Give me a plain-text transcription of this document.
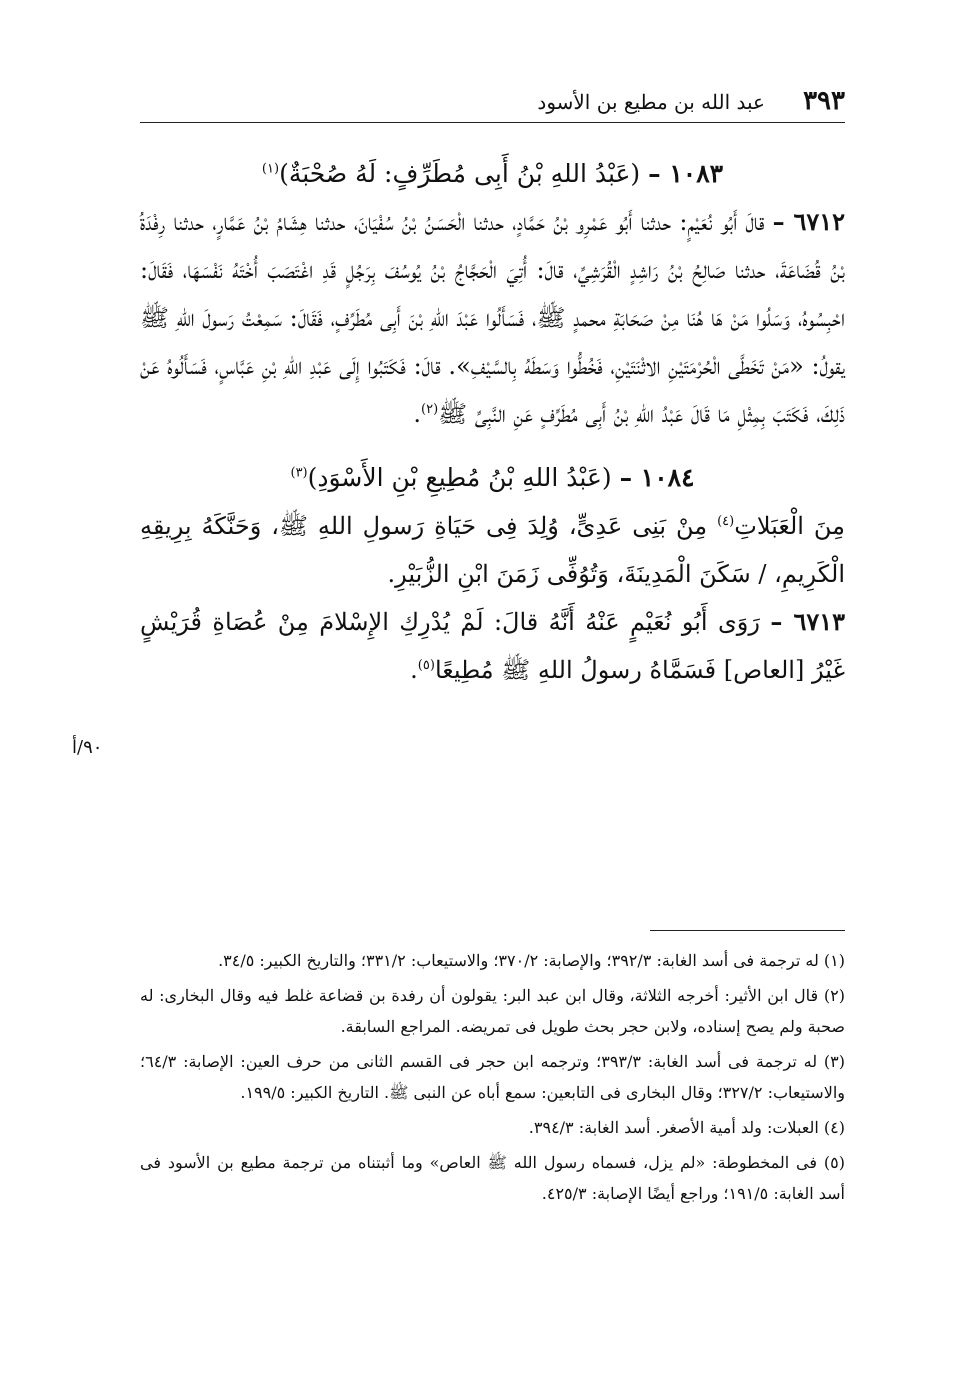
٣٩٣
عبد الله بن مطيع بن الأسود

١٠٨٣ – (عَبْدُ اللهِ بْنُ أَبِى مُطَرِّفٍ: لَهُ صُحْبَةٌ)$^{(١)}$

٦٧١٢ – قالَ أَبُو نُعَيْمٍ: حدثنا أَبُو عَمْرِو بْنُ حَمَّادٍ، حدثنا الْحَسَنُ بْنُ سُفْيَانَ، حدثنا هِشَامُ بْنُ عَمَّارٍ، حدثنا رِفْدَةُ بْنُ قُضَاعَةَ، حدثنا صَالِحُ بْنُ رَاشِدٍ الْقُرَشِيِّ، قالَ: أُتِيَ الْحَجَّاجُ بْنُ يُوسُفَ بِرَجُلٍ قَدِ اغْتَصَبَ أُخْتَهُ نَفْسَهَا، فَقَالَ: احْبِسُوهُ، وَسَلُوا مَنْ هَا هُنَا مِنْ صَحَابَةِ محمدٍ ﷺ، فَسَأَلُوا عَبْدَ اللهِ بْنَ أَبِى مُطَرِّفٍ، فَقَالَ: سَمِعْتُ رَسولَ اللهِ ﷺ يقولُ: «مَنْ تَخَطَّى الْحُرْمَتَيْنِ الاثْنَتَيْنِ، فَخُطُّوا وَسَطَهُ بِالسَّيْفِ». قالَ: فَكَتَبُوا إِلَى عَبْدِ اللهِ بْنِ عَبَّاسٍ، فَسَأَلُوهُ عَنْ ذَلِكَ، فَكَتَبَ بِمِثْلِ مَا قَالَ عَبْدُ اللهِ بْنُ أَبِى مُطَرِّفٍ عَنِ النَّبِىِّ ﷺ$^{(٢)}$.

١٠٨٤ – (عَبْدُ اللهِ بْنُ مُطِيعِ بْنِ الأَسْوَدِ)$^{(٣)}$

مِنَ الْعَبَلاتِ$^{(٤)}$ مِنْ بَنِى عَدِىٍّ، وُلِدَ فِى حَيَاةِ رَسولِ اللهِ ﷺ، وَحَنَّكَهُ بِرِيقِهِ الْكَرِيمِ، / سَكَنَ الْمَدِينَةَ، وَتُوُفِّى زَمَنَ ابْنِ الزُّبَيْرِ.

٦٧١٣ – رَوَى أَبُو نُعَيْمٍ عَنْهُ أَنَّهُ قالَ: لَمْ يُدْرِكِ الإِسْلامَ مِنْ عُصَاةِ قُرَيْشٍ غَيْرُ [العاص] فَسَمَّاهُ رسولُ اللهِ ﷺ مُطِيعًا$^{(٥)}$.

٩٠/أ

(١) له ترجمة فى أسد الغابة: ٣٩٢/٣؛ والإصابة: ٣٧٠/٢؛ والاستيعاب: ٣٣١/٢؛ والتاريخ الكبير: ٣٤/٥.

(٢) قال ابن الأثير: أخرجه الثلاثة، وقال ابن عبد البر: يقولون أن رفدة بن قضاعة غلط فيه وقال البخارى: له صحبة ولم يصح إسناده، ولابن حجر بحث طويل فى تمريضه. المراجع السابقة.

(٣) له ترجمة فى أسد الغابة: ٣٩٣/٣؛ وترجمه ابن حجر فى القسم الثانى من حرف العين: الإصابة: ٦٤/٣؛ والاستيعاب: ٣٢٧/٢؛ وقال البخارى فى التابعين: سمع أباه عن النبى ﷺ. التاريخ الكبير: ١٩٩/٥.

(٤) العبلات: ولد أمية الأصغر. أسد الغابة: ٣٩٤/٣.

(٥) فى المخطوطة: «لم يزل، فسماه رسول الله ﷺ العاص» وما أثبتناه من ترجمة مطيع بن الأسود فى أسد الغابة: ١٩١/٥؛ وراجع أيضًا الإصابة: ٤٢٥/٣.
